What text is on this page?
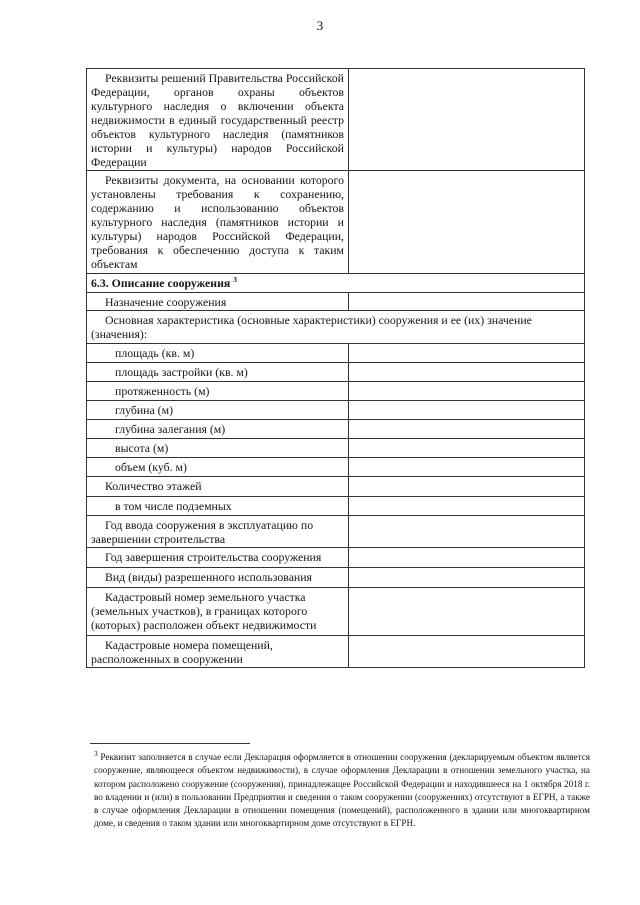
3
Реквизиты решений Правительства Российской Федерации, органов охраны объектов культурного наследия о включении объекта недвижимости в единый государственный реестр объектов культурного наследия (памятников истории и культуры) народов Российской Федерации	

Реквизиты документа, на основании которого установлены требования к сохранению, содержанию и использованию объектов культурного наследия (памятников истории и культуры) народов Российской Федерации, требования к обеспечению доступа к таким объектам	

6.3. Описание сооружения $^3$

Назначение сооружения	

Основная характеристика (основные характеристики) сооружения и ее (их) значение (значения):	

площадь (кв. м)	

площадь застройки (кв. м)	

протяженность (м)	

глубина (м)	

глубина залегания (м)	

высота (м)	

объем (куб. м)	

Количество этажей	

в том числе подземных	

Год ввода сооружения в эксплуатацию по завершении строительства	

Год завершения строительства сооружения	

Вид (виды) разрешенного использования	

Кадастровый номер земельного участка (земельных участков), в границах которого (которых) расположен объект недвижимости	

Кадастровые номера помещений, расположенных в сооружении	

$^3$ Реквизит заполняется в случае если Декларация оформляется в отношении сооружения (декларируемым объектом является сооружение, являющееся объектом недвижимости), в случае оформления Декларации в отношении земельного участка, на котором расположено сооружение (сооружения), принадлежащее Российской Федерации и находившееся на 1 октября 2018 г. во владении и (или) в пользовании Предприятия и сведения о таком сооружении (сооружениях) отсутствуют в ЕГРН, а также в случае оформления Декларации в отношении помещения (помещений), расположенного в здании или многоквартирном доме, и сведения о таком здании или многоквартирном доме отсутствуют в ЕГРН.
